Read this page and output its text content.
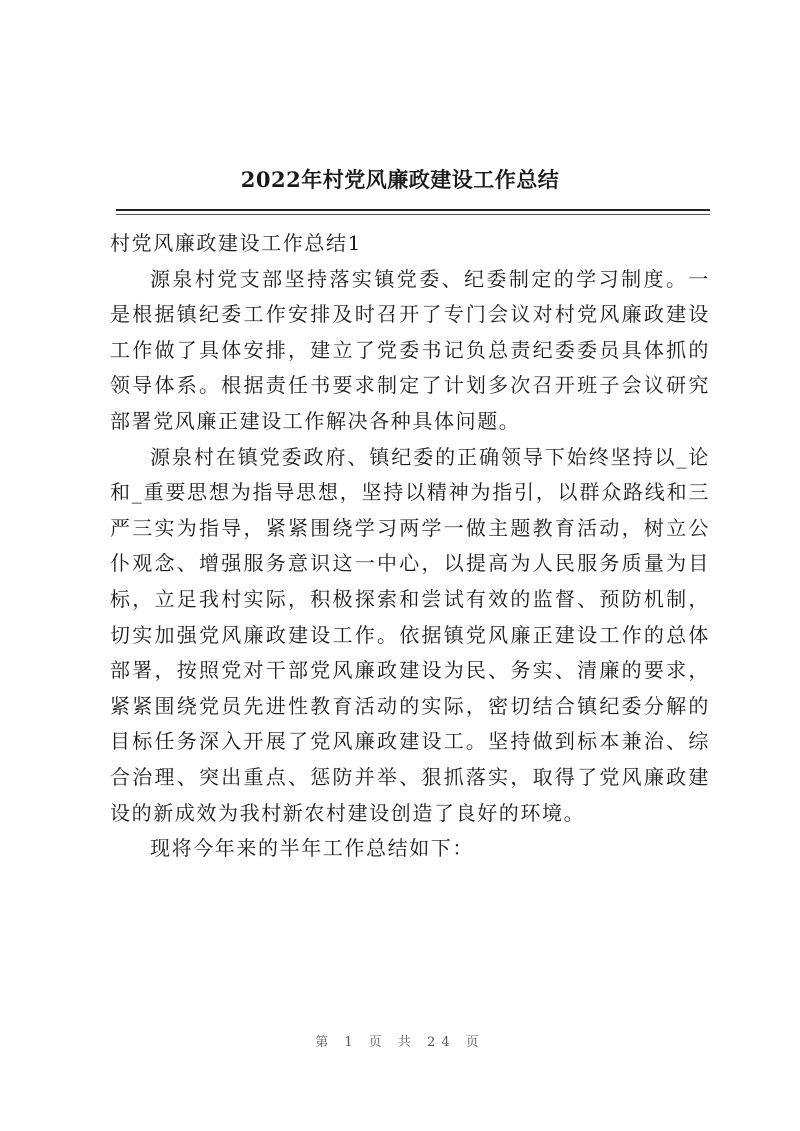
2022年村党风廉政建设工作总结

村党风廉政建设工作总结1

源泉村党支部坚持落实镇党委、纪委制定的学习制度。一是根据镇纪委工作安排及时召开了专门会议对村党风廉政建设工作做了具体安排，建立了党委书记负总责纪委委员具体抓的领导体系。根据责任书要求制定了计划多次召开班子会议研究部署党风廉正建设工作解决各种具体问题。

源泉村在镇党委政府、镇纪委的正确领导下始终坚持以_论和_重要思想为指导思想，坚持以精神为指引，以群众路线和三严三实为指导，紧紧围绕学习两学一做主题教育活动，树立公仆观念、增强服务意识这一中心，以提高为人民服务质量为目标，立足我村实际，积极探索和尝试有效的监督、预防机制，切实加强党风廉政建设工作。依据镇党风廉正建设工作的总体部署，按照党对干部党风廉政建设为民、务实、清廉的要求，紧紧围绕党员先进性教育活动的实际，密切结合镇纪委分解的目标任务深入开展了党风廉政建设工。坚持做到标本兼治、综合治理、突出重点、惩防并举、狠抓落实，取得了党风廉政建设的新成效为我村新农村建设创造了良好的环境。

现将今年来的半年工作总结如下：

第 1 页 共 24 页
